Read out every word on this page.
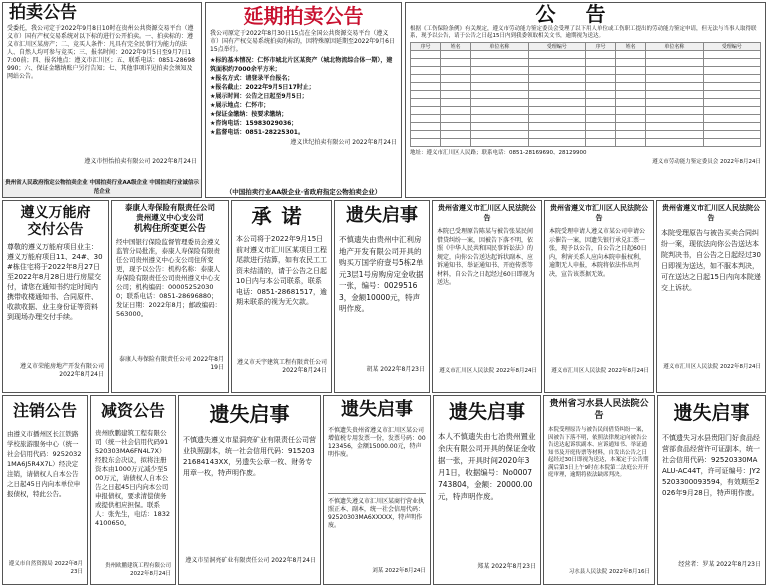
拍卖公告
受委托，我公司定于2022年9月8日10时在贵州公共资源交易平台（遵义市）国有产权交易系统对以下标的进行公开拍卖。一、拍卖标的：遵义市汇川区某房产；二、竞买人条件：凡具有完全民事行为能力的法人、自然人均可参与竞买；三、报名时间：2022年9月5日至9月7日17:00前；四、报名地点：遵义市汇川区；五、联系电话：0851-28698990；六、保证金缴纳账户另行告知；七、其他事项详见拍卖会须知及网站公告。
遵义市恒怡拍卖有限公司 2022年8月24日
贵州省人民政府指定公物拍卖企业 中国拍卖行业AA级企业 中国拍卖行业诚信示范企业
延期拍卖公告
我公司原定于2022年8月30日15点在全国公共资源交易平台（遵义市）国有产权交易系统拍卖的标的，因特殊原因延期至2022年9月6日15点举行。
★标的基本情况：仁怀市城北片区某资产（城北物流综合体一期），建筑面积约7000余平方米；
★报名方式：请登录平台报名；
★报名截止：2022年9月5日17时止；
★展示时间：公告之日起至9月5日；
★展示地点：仁怀市；
★保证金缴纳：按要求缴纳；
★咨询电话：15983029036；
★监督电话：0851-28225301。
遵义世纪拍卖有限公司 2022年8月24日
（中国拍卖行业AA级企业·省政府指定公物拍卖企业）
公告
根据《工伤保险条例》有关规定，遵义市劳动能力鉴定委员会受理了以下用人单位或工伤职工提出的劳动能力鉴定申请，但无法与当事人取得联系，现予以公告，请于公告之日起15日内到我委领取相关文书，逾期视为送达。
序号	姓名	单位名称	受理编号	序号	姓名	单位名称	受理编号

地址：遵义市汇川区人民路；联系电话：0851-28169690、28129900
遵义市劳动能力鉴定委员会 2022年8月24日
遵义万能府
交付公告
尊敬的遵义万能府项目业主：遵义万能府项目11、24#、30#栋住宅将于2022年8月27日至2022年8月28日进行房屋交付，请您在通知书约定时间内携带收楼通知书、合同原件、收款收据、业主身份证等资料到现场办理交付手续。
遵义市荣能房地产开发有限公司 2022年8月24日
泰康人寿保险有限责任公司
贵州遵义中心支公司
机构住所变更公告
经中国银行保险监督管理委员会遵义监管分局批准，泰康人寿保险有限责任公司贵州遵义中心支公司住所变更，现予以公告：机构名称：泰康人寿保险有限责任公司贵州遵义中心支公司；机构编码：000052520300；联系电话：0851-28696880；发证日期：2022年8月；邮政编码：563000。
泰康人寿保险有限责任公司 2022年8月19日
承诺
本公司将于2022年9月15日前对遵义市汇川区某项目工程尾款进行结算，如有农民工工资未结清的，请于公告之日起10日内与本公司联系，联系电话：0851-28681517，逾期未联系的视为无欠款。
遵义市天宇建筑工程有限责任公司 2022年8月24日
遗失启事
不慎遗失由贵州中汇利房地产开发有限公司开具的购买万国学府壹号5栋2单元3层1号房购房定金收据一张，编号：00295163，金额10000元，特声明作废。
胡某 2022年8月23日
贵州省遵义市汇川区人民法院公告
本院已受理原告陈某与被告张某民间借贷纠纷一案，因被告下落不明，依照《中华人民共和国民事诉讼法》的规定，向你公告送达起诉状副本、应诉通知书、举证通知书、开庭传票等材料，自公告之日起经过60日即视为送达。
遵义市汇川区人民法院 2022年8月24日
贵州省遵义市汇川区人民法院公告
本院受理申请人遵义市某公司申请公示催告一案，因遗失银行承兑汇票一张，现予以公告，自公告之日起60日内，利害关系人应向本院申报权利，逾期无人申报，本院将依法作出判决，宣告该票据无效。
遵义市汇川区人民法院 2022年8月24日
贵州省遵义市汇川区人民法院公告
本院受理原告与被告买卖合同纠纷一案，现依法向你公告送达本院判决书，自公告之日起经过30日即视为送达，如不服本判决，可在送达之日起15日内向本院递交上诉状。
遵义市汇川区人民法院 2022年8月24日
注销公告
由遵义市播州区长江铁路学校旅游服务中心（统一社会信用代码：92520321MA6J5R4X7L）经决定注销，请债权人自本公告之日起45日内向本单位申报债权，特此公告。
遵义市自然资源局 2022年8月23日
减资公告
贵州欧鹏建筑工程有限公司（统一社会信用代码91520303MA6FN4L7X）经股东会决议，拟将注册资本由1000万元减少至500万元，请债权人自本公告之日起45日内向本公司申报债权，要求清偿债务或提供相应担保。联系人：张先生，电话：18324100650。
贵州欧鹏建筑工程有限公司 2022年8月24日
遗失启事
不慎遗失遵义市星洞亮矿业有限责任公司营业执照副本，统一社会信用代码：91520321684143XX，另遗失公章一枚、财务专用章一枚，特声明作废。
遵义市星洞亮矿业有限责任公司 2022年8月24日
遗失启事
不慎遗失贵州省遵义市汇川区某公司增值税专用发票一份，发票号码：00123456，金额15000.00元，特声明作废。
不慎遗失遵义市汇川区某商行营业执照正本、副本，统一社会信用代码：92520303MA6XXXXX，特声明作废。
刘某 2022年8月24日
遗失启事
本人不慎遗失由七冶贵州置业余庆有限公司开具的保证金收据一张，开具时间2020年3月1日，收据编号：No0007743804，金额：20000.00元，特声明作废。
郑某 2022年8月23日
贵州省习水县人民法院公告
本院受理原告与被告民间借贷纠纷一案，因被告下落不明，依照法律规定向被告公告送达起诉状副本、应诉通知书、举证通知书及开庭传票等材料，自发出公告之日起经过30日即视为送达，本案定于公告期满后第3日上午9时在本院第二法庭公开开庭审理，逾期将依法缺席判决。
习水县人民法院 2022年8月16日
遗失启事
不慎遗失习水县贵阳门好食品经营部食品经营许可证副本，统一社会信用代码：92520330MAALU-AC44T，许可证编号：JY25203300093594，有效期至2026年9月28日，特声明作废。
经营者：罗某 2022年8月23日
